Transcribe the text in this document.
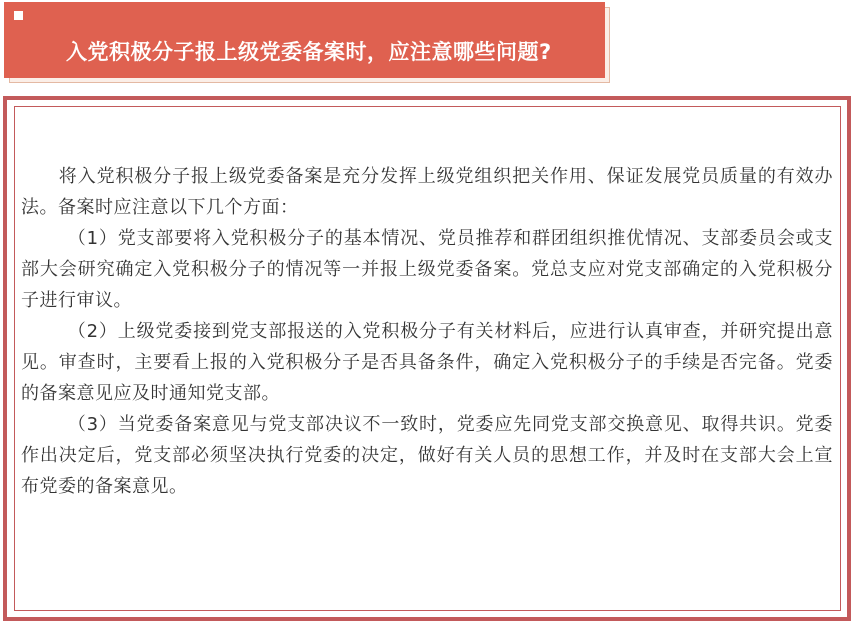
入党积极分子报上级党委备案时，应注意哪些问题?

将入党积极分子报上级党委备案是充分发挥上级党组织把关作用、保证发展党员质量的有效办法。备案时应注意以下几个方面：

（1）党支部要将入党积极分子的基本情况、党员推荐和群团组织推优情况、支部委员会或支部大会研究确定入党积极分子的情况等一并报上级党委备案。党总支应对党支部确定的入党积极分子进行审议。

（2）上级党委接到党支部报送的入党积极分子有关材料后，应进行认真审查，并研究提出意见。审查时，主要看上报的入党积极分子是否具备条件，确定入党积极分子的手续是否完备。党委的备案意见应及时通知党支部。

（3）当党委备案意见与党支部决议不一致时，党委应先同党支部交换意见、取得共识。党委作出决定后，党支部必须坚决执行党委的决定，做好有关人员的思想工作，并及时在支部大会上宣布党委的备案意见。
